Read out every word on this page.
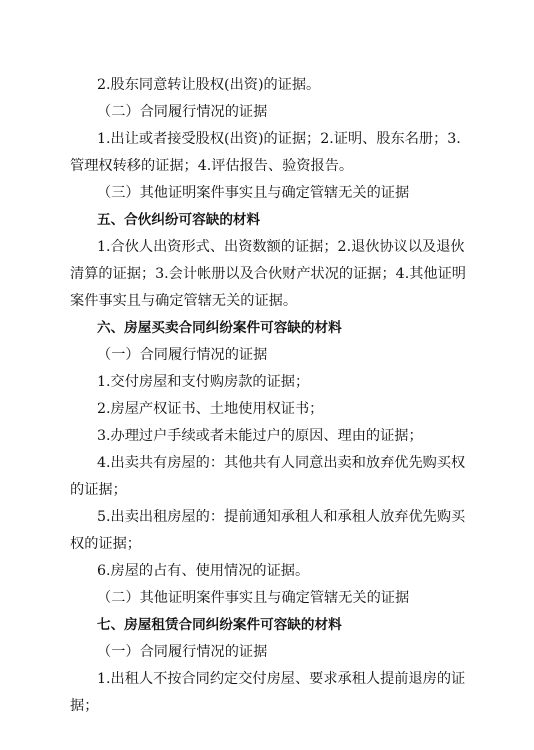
2.股东同意转让股权(出资)的证据。
（二）合同履行情况的证据
1.出让或者接受股权(出资)的证据；2.证明、股东名册；3.
管理权转移的证据；4.评估报告、验资报告。
（三）其他证明案件事实且与确定管辖无关的证据
五、合伙纠纷可容缺的材料
1.合伙人出资形式、出资数额的证据；2.退伙协议以及退伙
清算的证据；3.会计帐册以及合伙财产状况的证据；4.其他证明
案件事实且与确定管辖无关的证据。
六、房屋买卖合同纠纷案件可容缺的材料
（一）合同履行情况的证据
1.交付房屋和支付购房款的证据；
2.房屋产权证书、土地使用权证书；
3.办理过户手续或者未能过户的原因、理由的证据；
4.出卖共有房屋的：其他共有人同意出卖和放弃优先购买权
的证据；
5.出卖出租房屋的：提前通知承租人和承租人放弃优先购买
权的证据；
6.房屋的占有、使用情况的证据。
（二）其他证明案件事实且与确定管辖无关的证据
七、房屋租赁合同纠纷案件可容缺的材料
（一）合同履行情况的证据
1.出租人不按合同约定交付房屋、要求承租人提前退房的证
据；
